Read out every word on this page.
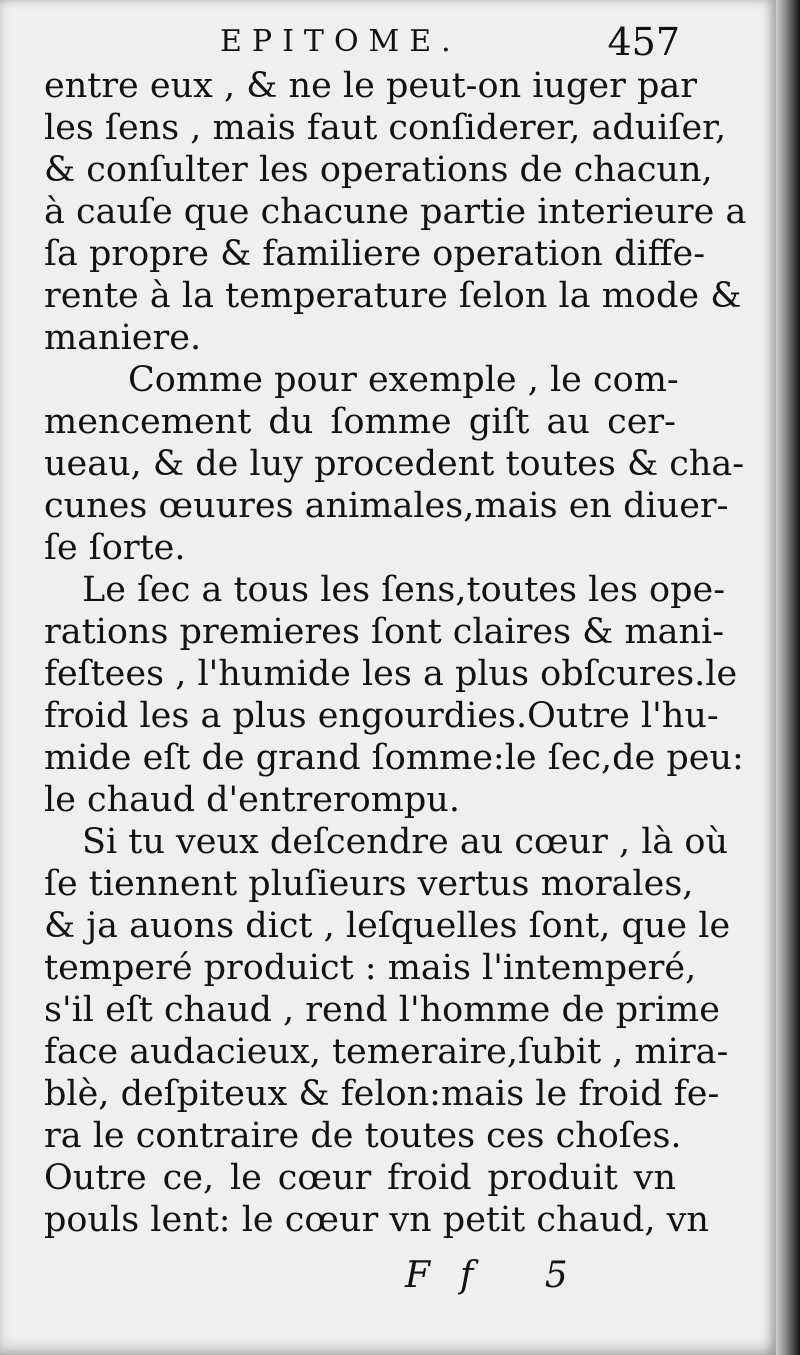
EPITOME.	457
entre eux , & ne le peut-on iuger par
les ſens , mais faut conſiderer, aduiſer,
& conſulter les operations de chacun,
à cauſe que chacune partie interieure a
ſa propre & familiere operation diffe-
rente à la temperature ſelon la mode &
maniere.
Comme pour exemple , le com-
mencement du ſomme giſt au cer-
ueau, & de luy procedent toutes & cha-
cunes œuures animales,mais en diuer-
ſe ſorte.
Le ſec a tous les ſens,toutes les ope-
rations premieres ſont claires & mani-
feſtees , l'humide les a plus obſcures.le
froid les a plus engourdies.Outre l'hu-
mide eſt de grand ſomme:le ſec,de peu:
le chaud d'entrerompu.
Si tu veux deſcendre au cœur , là où
ſe tiennent pluſieurs vertus morales,
& ja auons dict , leſquelles ſont, que le
temperé produict : mais l'intemperé,
s'il eſt chaud , rend l'homme de prime
face audacieux, temeraire,ſubit , mira-
blè, deſpiteux & felon:mais le froid fe-
ra le contraire de toutes ces choſes.
Outre ce, le cœur froid produit vn
pouls lent: le cœur vn petit chaud, vn
Ff 5
